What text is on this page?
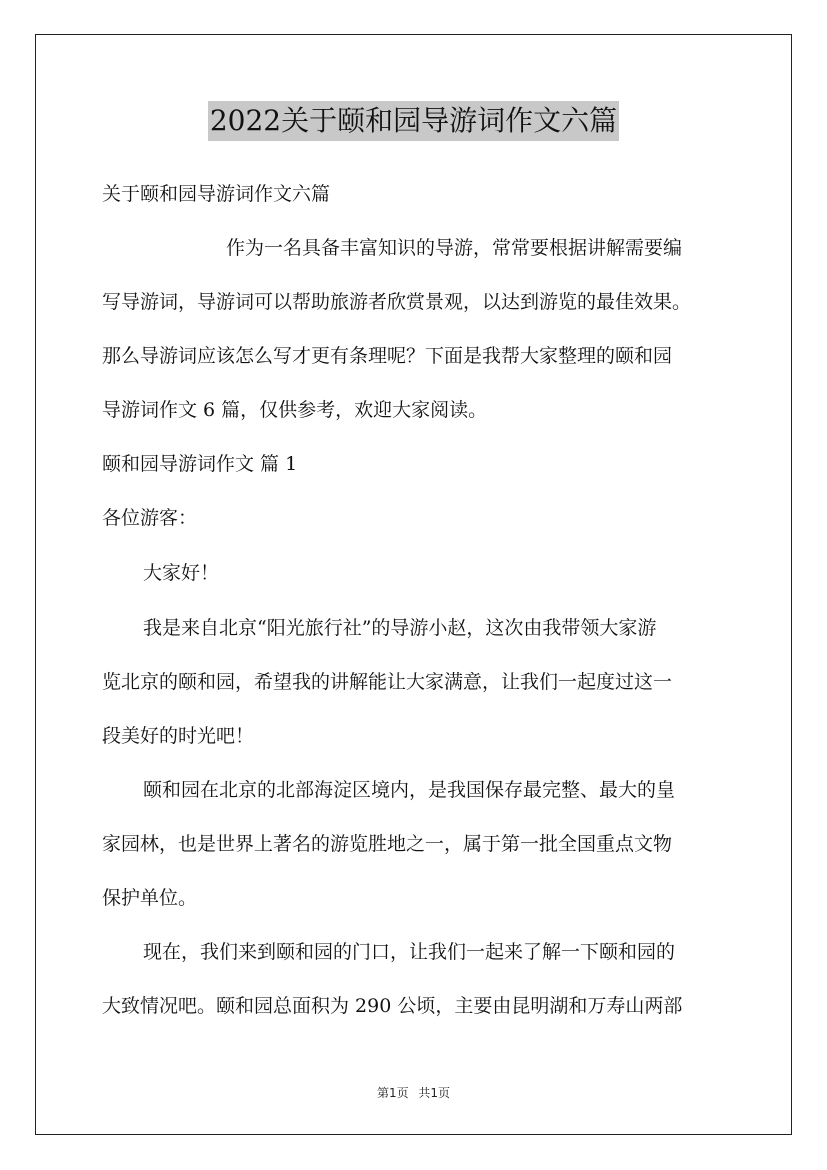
2022关于颐和园导游词作文六篇
关于颐和园导游词作文六篇
作为一名具备丰富知识的导游，常常要根据讲解需要编
写导游词，导游词可以帮助旅游者欣赏景观，以达到游览的最佳效果。
那么导游词应该怎么写才更有条理呢？下面是我帮大家整理的颐和园
导游词作文 6 篇，仅供参考，欢迎大家阅读。
颐和园导游词作文 篇 1
各位游客：
大家好！
我是来自北京“阳光旅行社”的导游小赵，这次由我带领大家游
览北京的颐和园，希望我的讲解能让大家满意，让我们一起度过这一
段美好的时光吧！
颐和园在北京的北部海淀区境内，是我国保存最完整、最大的皇
家园林，也是世界上著名的游览胜地之一，属于第一批全国重点文物
保护单位。
现在，我们来到颐和园的门口，让我们一起来了解一下颐和园的
大致情况吧。颐和园总面积为 290 公顷，主要由昆明湖和万寿山两部
第1页 共1页
